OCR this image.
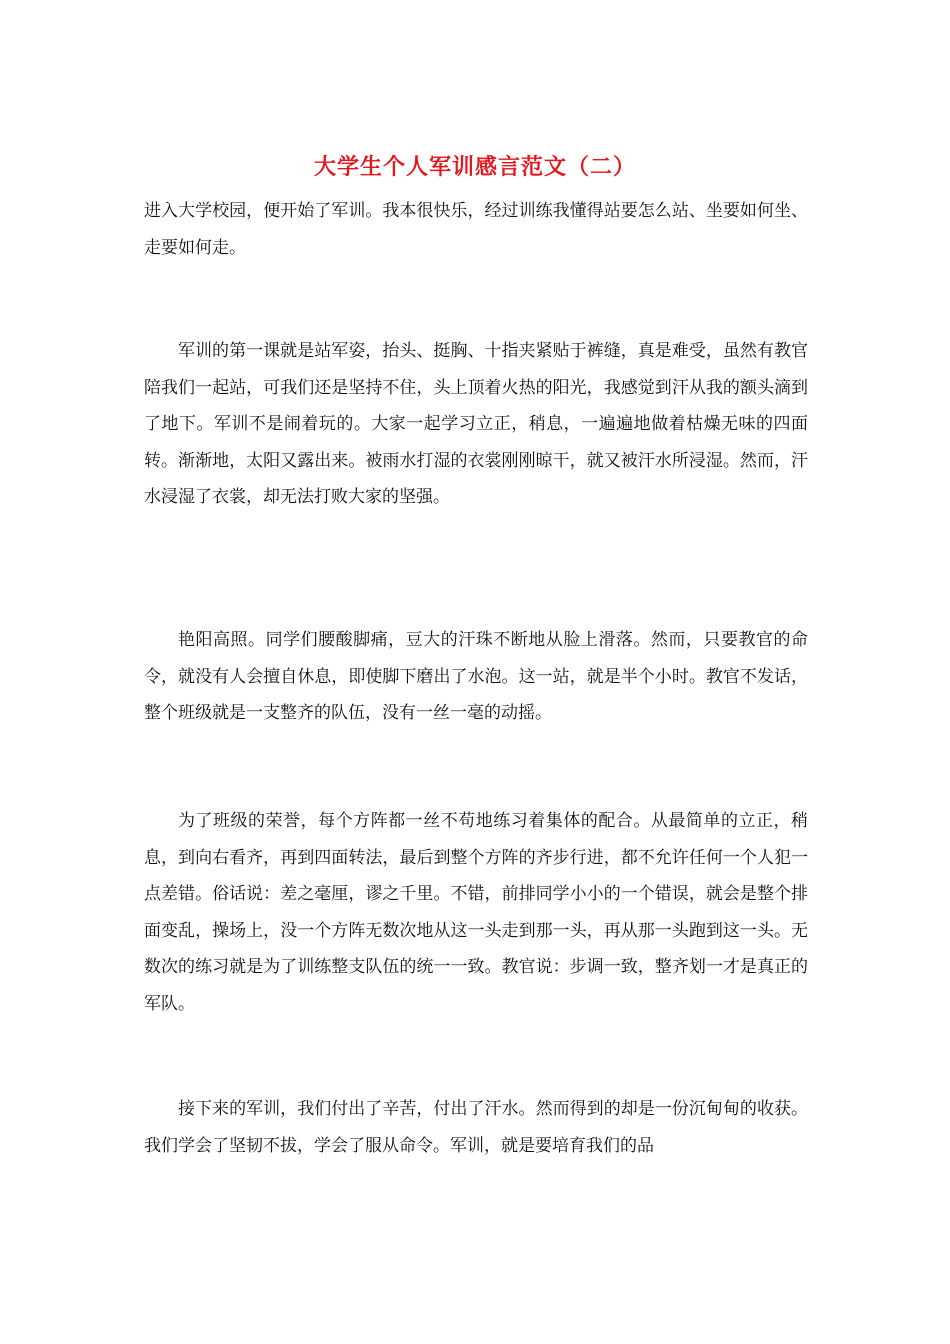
大学生个人军训感言范文（二）

进入大学校园，便开始了军训。我本很快乐，经过训练我懂得站要怎么站、坐要如何坐、走要如何走。

军训的第一课就是站军姿，抬头、挺胸、十指夹紧贴于裤缝，真是难受，虽然有教官陪我们一起站，可我们还是坚持不住，头上顶着火热的阳光，我感觉到汗从我的额头滴到了地下。军训不是闹着玩的。大家一起学习立正，稍息，一遍遍地做着枯燥无味的四面转。渐渐地，太阳又露出来。被雨水打湿的衣裳刚刚晾干，就又被汗水所浸湿。然而，汗水浸湿了衣裳，却无法打败大家的坚强。

艳阳高照。同学们腰酸脚痛，豆大的汗珠不断地从脸上滑落。然而，只要教官的命令，就没有人会擅自休息，即使脚下磨出了水泡。这一站，就是半个小时。教官不发话，整个班级就是一支整齐的队伍，没有一丝一毫的动摇。

为了班级的荣誉，每个方阵都一丝不苟地练习着集体的配合。从最简单的立正，稍息，到向右看齐，再到四面转法，最后到整个方阵的齐步行进，都不允许任何一个人犯一点差错。俗话说：差之毫厘，谬之千里。不错，前排同学小小的一个错误，就会是整个排面变乱，操场上，没一个方阵无数次地从这一头走到那一头，再从那一头跑到这一头。无数次的练习就是为了训练整支队伍的统一一致。教官说：步调一致，整齐划一才是真正的军队。

接下来的军训，我们付出了辛苦，付出了汗水。然而得到的却是一份沉甸甸的收获。我们学会了坚韧不拔，学会了服从命令。军训，就是要培育我们的品
